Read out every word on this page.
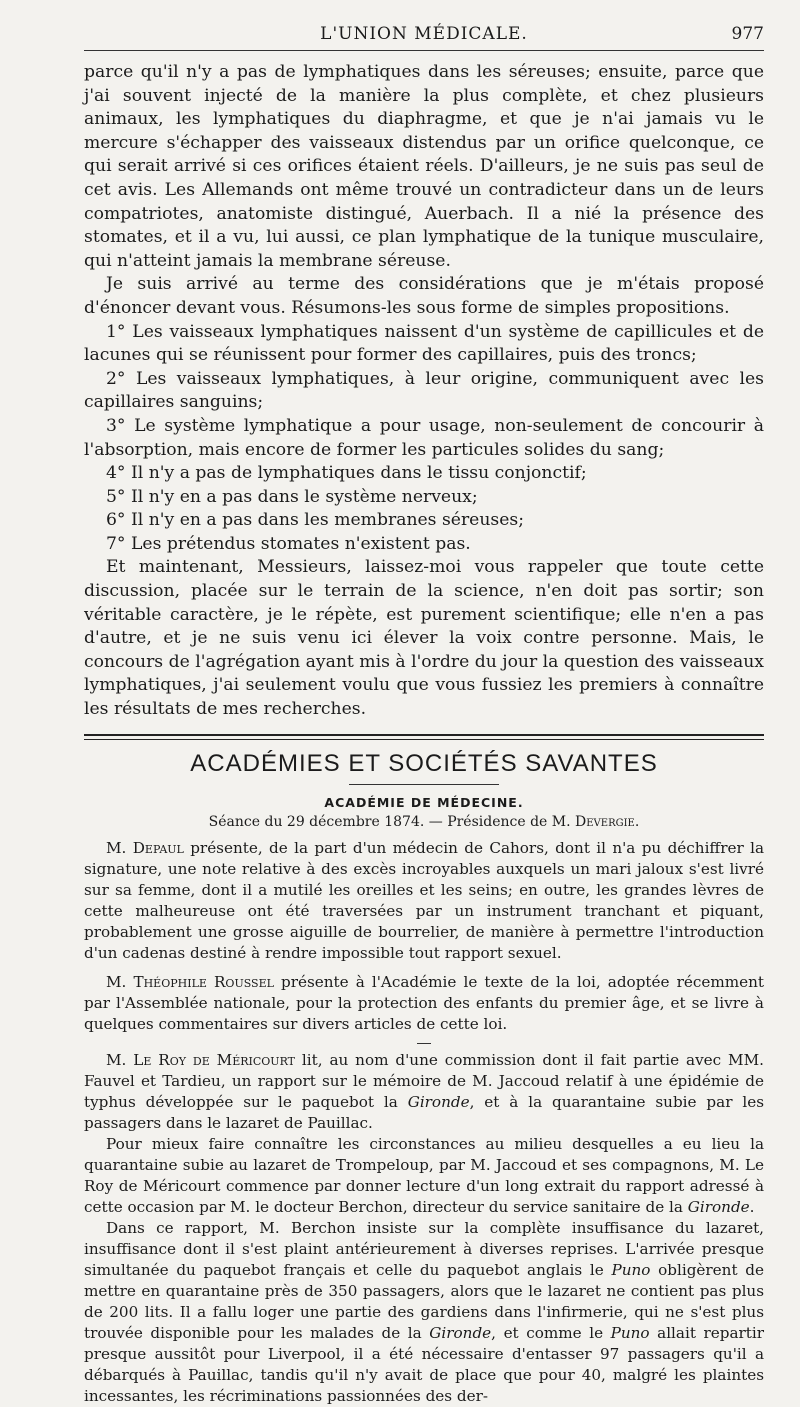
L'UNION MÉDICALE.	977

parce qu'il n'y a pas de lymphatiques dans les séreuses; ensuite, parce que j'ai souvent injecté de la manière la plus complète, et chez plusieurs animaux, les lymphatiques du diaphragme, et que je n'ai jamais vu le mercure s'échapper des vaisseaux distendus par un orifice quelconque, ce qui serait arrivé si ces orifices étaient réels. D'ailleurs, je ne suis pas seul de cet avis. Les Allemands ont même trouvé un contradicteur dans un de leurs compatriotes, anatomiste distingué, Auerbach. Il a nié la présence des stomates, et il a vu, lui aussi, ce plan lymphatique de la tunique musculaire, qui n'atteint jamais la membrane séreuse.

Je suis arrivé au terme des considérations que je m'étais proposé d'énoncer devant vous. Résumons-les sous forme de simples propositions.

1° Les vaisseaux lymphatiques naissent d'un système de capillicules et de lacunes qui se réunissent pour former des capillaires, puis des troncs;

2° Les vaisseaux lymphatiques, à leur origine, communiquent avec les capillaires sanguins;

3° Le système lymphatique a pour usage, non-seulement de concourir à l'absorption, mais encore de former les particules solides du sang;

4° Il n'y a pas de lymphatiques dans le tissu conjonctif;

5° Il n'y en a pas dans le système nerveux;

6° Il n'y en a pas dans les membranes séreuses;

7° Les prétendus stomates n'existent pas.

Et maintenant, Messieurs, laissez-moi vous rappeler que toute cette discussion, placée sur le terrain de la science, n'en doit pas sortir; son véritable caractère, je le répète, est purement scientifique; elle n'en a pas d'autre, et je ne suis venu ici élever la voix contre personne. Mais, le concours de l'agrégation ayant mis à l'ordre du jour la question des vaisseaux lymphatiques, j'ai seulement voulu que vous fussiez les premiers à connaître les résultats de mes recherches.

ACADÉMIES ET SOCIÉTÉS SAVANTES
ACADÉMIE DE MÉDECINE.
Séance du 29 décembre 1874. — Présidence de M. Devergie.

M. Depaul présente, de la part d'un médecin de Cahors, dont il n'a pu déchiffrer la signature, une note relative à des excès incroyables auxquels un mari jaloux s'est livré sur sa femme, dont il a mutilé les oreilles et les seins; en outre, les grandes lèvres de cette malheureuse ont été traversées par un instrument tranchant et piquant, probablement une grosse aiguille de bourrelier, de manière à permettre l'introduction d'un cadenas destiné à rendre impossible tout rapport sexuel.

M. Théophile Roussel présente à l'Académie le texte de la loi, adoptée récemment par l'Assemblée nationale, pour la protection des enfants du premier âge, et se livre à quelques commentaires sur divers articles de cette loi.

M. Le Roy de Méricourt lit, au nom d'une commission dont il fait partie avec MM. Fauvel et Tardieu, un rapport sur le mémoire de M. Jaccoud relatif à une épidémie de typhus développée sur le paquebot la Gironde, et à la quarantaine subie par les passagers dans le lazaret de Pauillac.

Pour mieux faire connaître les circonstances au milieu desquelles a eu lieu la quarantaine subie au lazaret de Trompeloup, par M. Jaccoud et ses compagnons, M. Le Roy de Méricourt commence par donner lecture d'un long extrait du rapport adressé à cette occasion par M. le docteur Berchon, directeur du service sanitaire de la Gironde.

Dans ce rapport, M. Berchon insiste sur la complète insuffisance du lazaret, insuffisance dont il s'est plaint antérieurement à diverses reprises. L'arrivée presque simultanée du paquebot français et celle du paquebot anglais le Puno obligèrent de mettre en quarantaine près de 350 passagers, alors que le lazaret ne contient pas plus de 200 lits. Il a fallu loger une partie des gardiens dans l'infirmerie, qui ne s'est plus trouvée disponible pour les malades de la Gironde, et comme le Puno allait repartir presque aussitôt pour Liverpool, il a été nécessaire d'entasser 97 passagers qu'il a débarqués à Pauillac, tandis qu'il n'y avait de place que pour 40, malgré les plaintes incessantes, les récriminations passionnées des der-
